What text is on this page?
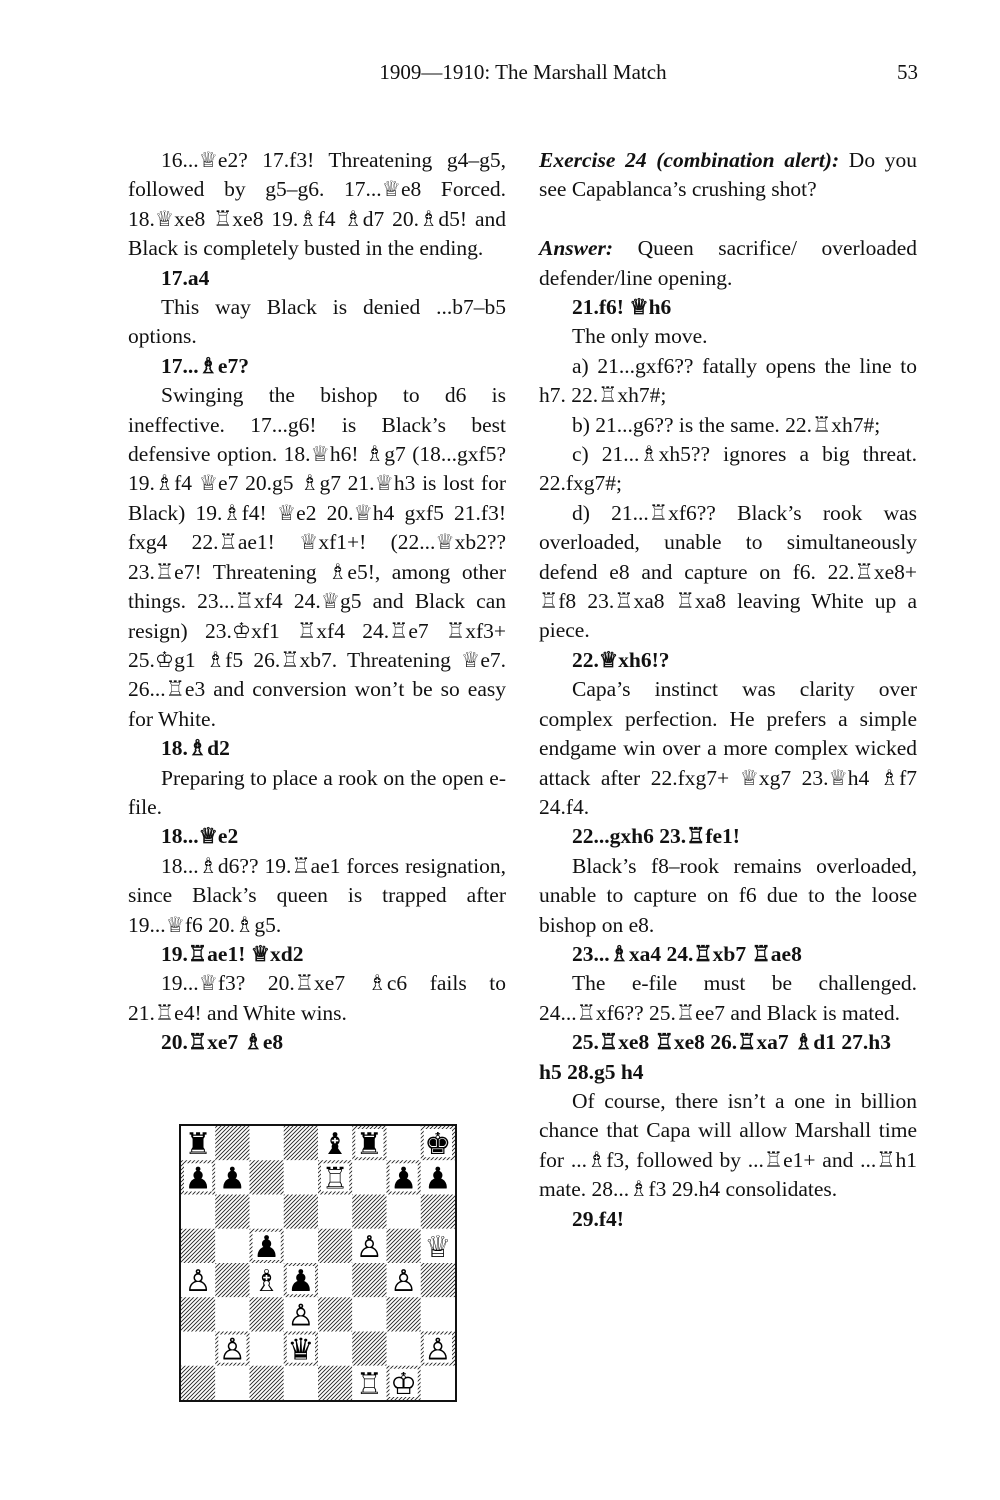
1909—1910: The Marshall Match	53

16...♕e2? 17.f3! Threatening g4–g5, followed by g5–g6. 17...♕e8 Forced. 18.♕xe8 ♖xe8 19.♗f4 ♗d7 20.♗d5! and Black is completely busted in the ending.

17.a4

This way Black is denied ...b7–b5 options.

17...♗e7?

Swinging the bishop to d6 is ineffective. 17...g6! is Black’s best defensive option. 18.♕h6! ♗g7 (18...gxf5? 19.♗f4 ♕e7 20.g5 ♗g7 21.♕h3 is lost for Black) 19.♗f4! ♕e2 20.♕h4 gxf5 21.f3! fxg4 22.♖ae1! ♕xf1+! (22...♕xb2?? 23.♖e7! Threatening ♗e5!, among other things. 23...♖xf4 24.♕g5 and Black can resign) 23.♔xf1 ♖xf4 24.♖e7 ♖xf3+ 25.♔g1 ♗f5 26.♖xb7. Threatening ♕e7. 26...♖e3 and conversion won’t be so easy for White.

18.♗d2

Preparing to place a rook on the open e-file.

18...♕e2

18...♗d6?? 19.♖ae1 forces resignation, since Black’s queen is trapped after 19...♕f6 20.♗g5.

19.♖ae1! ♕xd2

19...♕f3? 20.♖xe7 ♗c6 fails to 21.♖e4! and White wins.

20.♖xe7 ♗e8

Exercise 24 (combination alert): Do you see Capablanca’s crushing shot?

Answer: Queen sacrifice/ overloaded defender/line opening.

21.f6! ♕h6

The only move.

a) 21...gxf6?? fatally opens the line to h7. 22.♖xh7#;

b) 21...g6?? is the same. 22.♖xh7#;

c) 21...♗xh5?? ignores a big threat. 22.fxg7#;

d) 21...♖xf6?? Black’s rook was overloaded, unable to simultaneously defend e8 and capture on f6. 22.♖xe8+ ♖f8 23.♖xa8 ♖xa8 leaving White up a piece.

22.♕xh6!?

Capa’s instinct was clarity over complex perfection. He prefers a simple endgame win over a more complex wicked attack after 22.fxg7+ ♕xg7 23.♕h4 ♗f7 24.f4.

22...gxh6 23.♖fe1!

Black’s f8–rook remains overloaded, unable to capture on f6 due to the loose bishop on e8.

23...♗xa4 24.♖xb7 ♖ae8

The e-file must be challenged. 24...♖xf6?? 25.♖ee7 and Black is mated.

25.♖xe8 ♖xe8 26.♖xa7 ♗d1 27.h3 h5 28.g5 h4

Of course, there isn’t a one in billion chance that Capa will allow Marshall time for ...♗f3, followed by ...♖e1+ and ...♖h1 mate. 28...♗f3 29.h4 consolidates.

29.f4!

♜	♝ ♜ ♚
♟ ♟	♖ ♟ ♟
♟	♙ ♕
♙ ♗ ♟	♙
♙
♙ ♛	♙
♖ ♔
